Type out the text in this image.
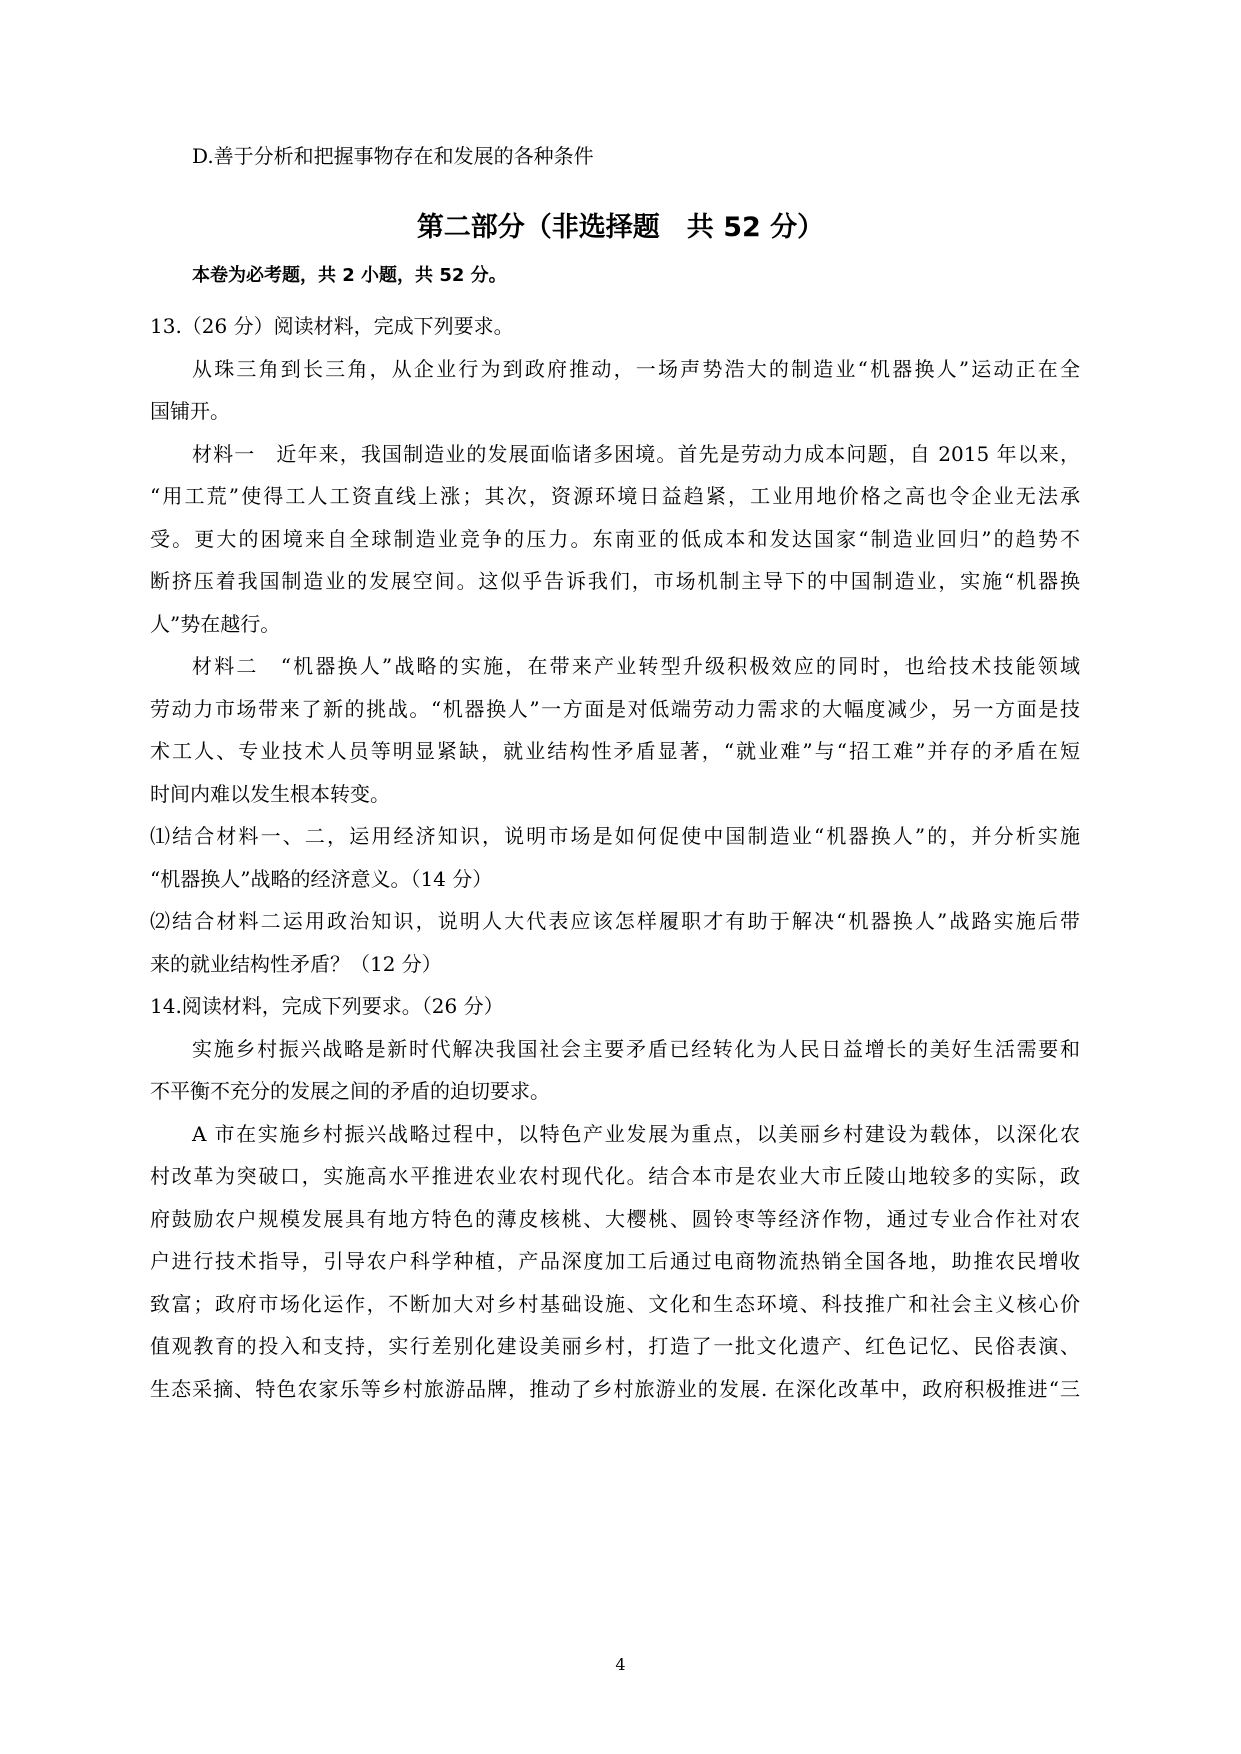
D.善于分析和把握事物存在和发展的各种条件
第二部分（非选择题　共 52 分）
本卷为必考题，共 2 小题，共 52 分。
13.（26 分）阅读材料，完成下列要求。
从珠三角到长三角，从企业行为到政府推动，一场声势浩大的制造业“机器换人”运动正在全
国铺开。
材料一　近年来，我国制造业的发展面临诸多困境。首先是劳动力成本问题，自 2015 年以来，
“用工荒”使得工人工资直线上涨；其次，资源环境日益趋紧，工业用地价格之高也令企业无法承
受。更大的困境来自全球制造业竞争的压力。东南亚的低成本和发达国家“制造业回归”的趋势不
断挤压着我国制造业的发展空间。这似乎告诉我们，市场机制主导下的中国制造业，实施“机器换
人”势在越行。
材料二　“机器换人”战略的实施，在带来产业转型升级积极效应的同时，也给技术技能领域
劳动力市场带来了新的挑战。“机器换人”一方面是对低端劳动力需求的大幅度减少，另一方面是技
术工人、专业技术人员等明显紧缺，就业结构性矛盾显著，“就业难”与“招工难”并存的矛盾在短
时间内难以发生根本转变。
⑴结合材料一、二，运用经济知识，说明市场是如何促使中国制造业“机器换人”的，并分析实施
“机器换人”战略的经济意义。（14 分）
⑵结合材料二运用政治知识，说明人大代表应该怎样履职才有助于解决“机器换人”战路实施后带
来的就业结构性矛盾？（12 分）
14.阅读材料，完成下列要求。（26 分）
实施乡村振兴战略是新时代解决我国社会主要矛盾已经转化为人民日益增长的美好生活需要和
不平衡不充分的发展之间的矛盾的迫切要求。
A 市在实施乡村振兴战略过程中，以特色产业发展为重点，以美丽乡村建设为载体，以深化农
村改革为突破口，实施高水平推进农业农村现代化。结合本市是农业大市丘陵山地较多的实际，政
府鼓励农户规模发展具有地方特色的薄皮核桃、大樱桃、圆铃枣等经济作物，通过专业合作社对农
户进行技术指导，引导农户科学种植，产品深度加工后通过电商物流热销全国各地，助推农民增收
致富；政府市场化运作，不断加大对乡村基础设施、文化和生态环境、科技推广和社会主义核心价
值观教育的投入和支持，实行差别化建设美丽乡村，打造了一批文化遗产、红色记忆、民俗表演、
生态采摘、特色农家乐等乡村旅游品牌，推动了乡村旅游业的发展. 在深化改革中，政府积极推进“三
4
